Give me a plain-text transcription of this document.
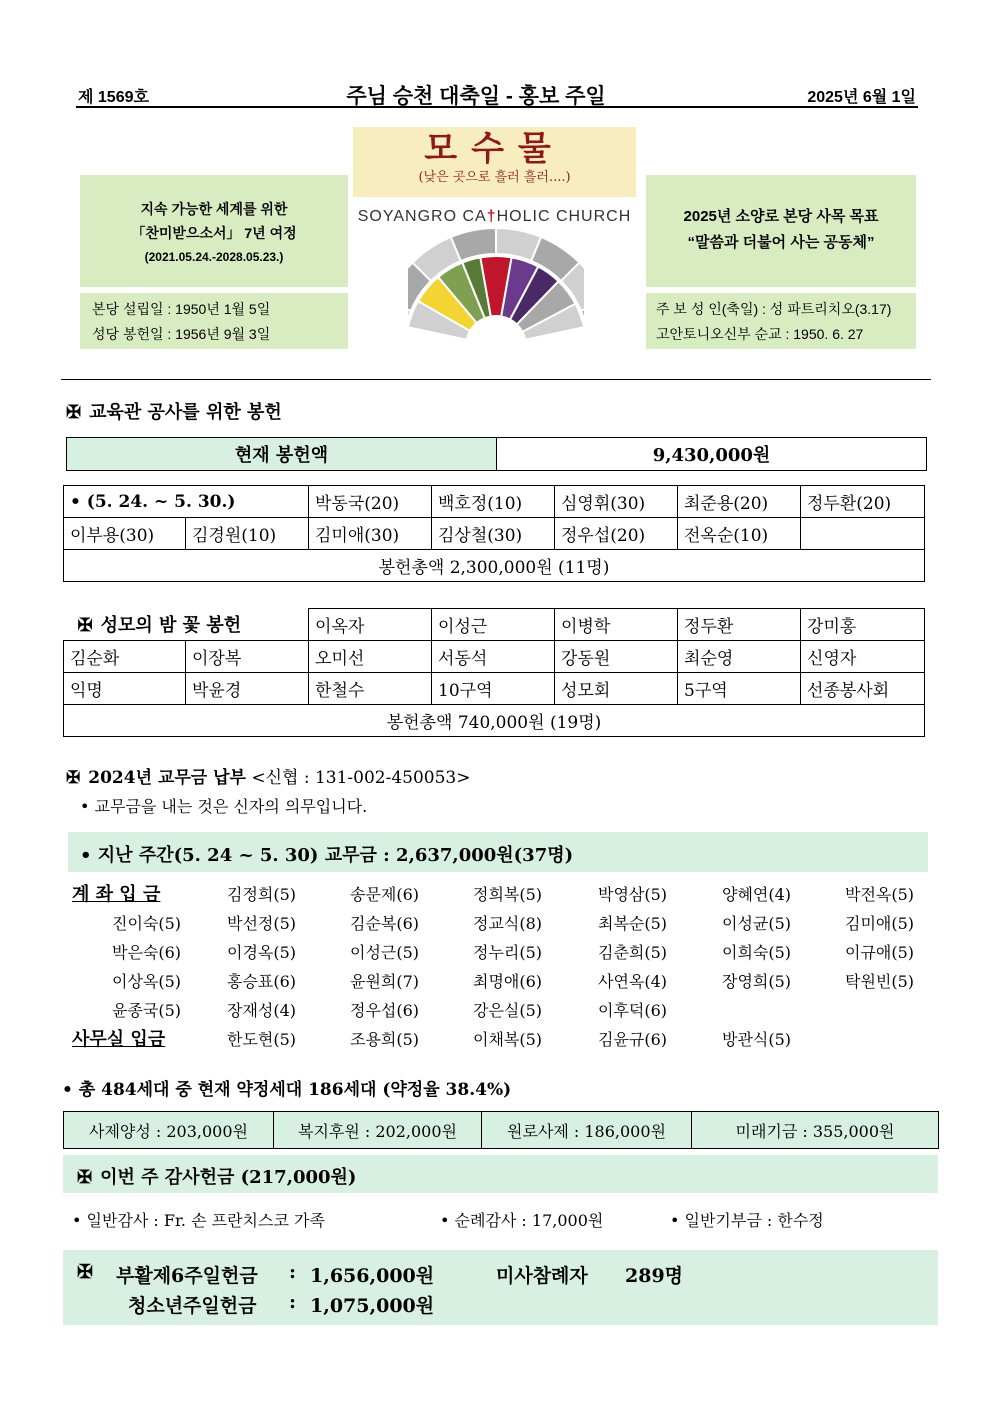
제 1569호	주님 승천 대축일 - 홍보 주일	2025년 6월 1일
모수물
(낮은 곳으로 흘러 흘러....)
SOYANGRO CA†HOLIC CHURCH
지속 가능한 세계를 위한
「찬미받으소서」 7년 여정
(2021.05.24.-2028.05.23.)
2025년 소양로 본당 사목 목표
“말씀과 더불어 사는 공동체”
본당 설립일 : 1950년 1월 5일
성당 봉헌일 : 1956년 9월 3일
주 보 성 인(축일) : 성 파트리치오(3.17)
고안토니오신부 순교 : 1950. 6. 27
✠ 교육관 공사를 위한 봉헌
현재 봉헌액	9,430,000원
• (5. 24. ~ 5. 30.)	박동국(20)	백호정(10)	심영휘(30)	최준용(20)	정두환(20)
이부용(30)	김경원(10)	김미애(30)	김상철(30)	정우섭(20)	전옥순(10)	
봉헌총액 2,300,000원 (11명)
✠ 성모의 밤 꽃 봉헌		이옥자	이성근	이병학	정두환	강미홍
김순화	이장복	오미선	서동석	강동원	최순영	신영자
익명	박윤경	한철수	10구역	성모회	5구역	선종봉사회
봉헌총액 740,000원 (19명)						
✠ 2024년 교무금 납부 <신협 : 131-002-450053>
• 교무금을 내는 것은 신자의 의무입니다.
• 지난 주간(5. 24 ~ 5. 30) 교무금 : 2,637,000원(37명)
계 좌 입 금
사무실 입금
김정희(5)	송문제(6)	정희복(5)	박영삼(5)	양혜연(4)	박전옥(5)
진이숙(5)	박선정(5)	김순복(6)	정교식(8)	최복순(5)	이성균(5)	김미애(5)
박은숙(6)	이경옥(5)	이성근(5)	정누리(5)	김춘희(5)	이희숙(5)	이규애(5)
이상옥(5)	홍승표(6)	윤원희(7)	최명애(6)	사연옥(4)	장영희(5)	탁원빈(5)
윤종국(5)	장재성(4)	정우섭(6)	강은실(5)	이후덕(6)
한도현(5)	조용희(5)	이채복(5)	김윤규(6)	방관식(5)
• 총 484세대 중 현재 약정세대 186세대 (약정율 38.4%)
사제양성 : 203,000원	복지후원 : 202,000원	원로사제 : 186,000원	미래기금 : 355,000원
✠ 이번 주 감사헌금 (217,000원)
• 일반감사 : Fr. 손 프란치스코 가족	• 순례감사 : 17,000원	• 일반기부금 : 한수정
✠ 부활제6주일헌금 : 1,656,000원	미사참례자 289명
청소년주일헌금 : 1,075,000원
